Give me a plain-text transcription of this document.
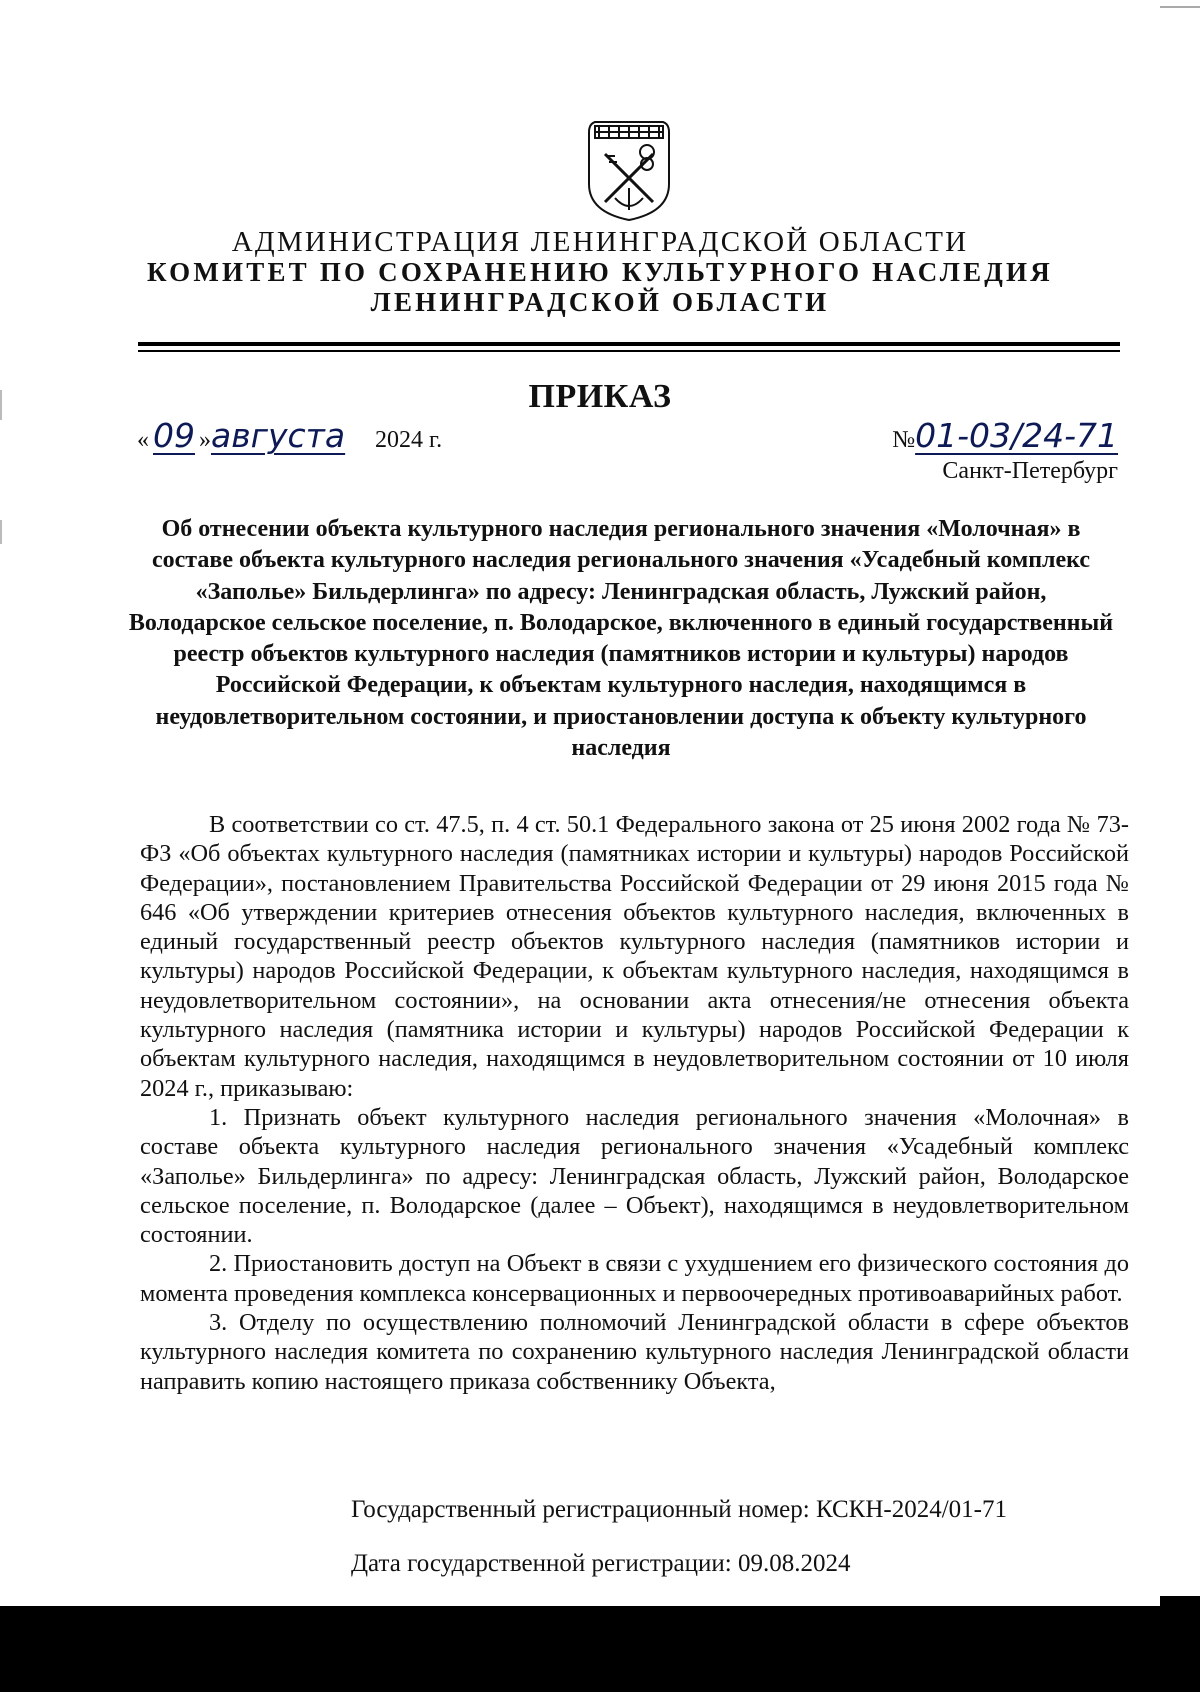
АДМИНИСТРАЦИЯ ЛЕНИНГРАДСКОЙ ОБЛАСТИ
КОМИТЕТ ПО СОХРАНЕНИЮ КУЛЬТУРНОГО НАСЛЕДИЯ
ЛЕНИНГРАДСКОЙ ОБЛАСТИ
ПРИКАЗ
« 09 »августа 2024 г.	№01-03/24-71
Санкт-Петербург
Об отнесении объекта культурного наследия регионального значения «Молочная» в составе объекта культурного наследия регионального значения «Усадебный комплекс «Заполье» Бильдерлинга» по адресу: Ленинградская область, Лужский район, Володарское сельское поселение, п. Володарское, включенного в единый государственный реестр объектов культурного наследия (памятников истории и культуры) народов Российской Федерации, к объектам культурного наследия, находящимся в неудовлетворительном состоянии, и приостановлении доступа к объекту культурного наследия

В соответствии со ст. 47.5, п. 4 ст. 50.1 Федерального закона от 25 июня 2002 года № 73-ФЗ «Об объектах культурного наследия (памятниках истории и культуры) народов Российской Федерации», постановлением Правительства Российской Федерации от 29 июня 2015 года № 646 «Об утверждении критериев отнесения объектов культурного наследия, включенных в единый государственный реестр объектов культурного наследия (памятников истории и культуры) народов Российской Федерации, к объектам культурного наследия, находящимся в неудовлетворительном состоянии», на основании акта отнесения/не отнесения объекта культурного наследия (памятника истории и культуры) народов Российской Федерации к объектам культурного наследия, находящимся в неудовлетворительном состоянии от 10 июля 2024 г., приказываю:

1. Признать объект культурного наследия регионального значения «Молочная» в составе объекта культурного наследия регионального значения «Усадебный комплекс «Заполье» Бильдерлинга» по адресу: Ленинградская область, Лужский район, Володарское сельское поселение, п. Володарское (далее – Объект), находящимся в неудовлетворительном состоянии.

2. Приостановить доступ на Объект в связи с ухудшением его физического состояния до момента проведения комплекса консервационных и первоочередных противоаварийных работ.

3. Отделу по осуществлению полномочий Ленинградской области в сфере объектов культурного наследия комитета по сохранению культурного наследия Ленинградской области направить копию настоящего приказа собственнику Объекта,

Государственный регистрационный номер: КСКН-2024/01-71
Дата государственной регистрации: 09.08.2024
